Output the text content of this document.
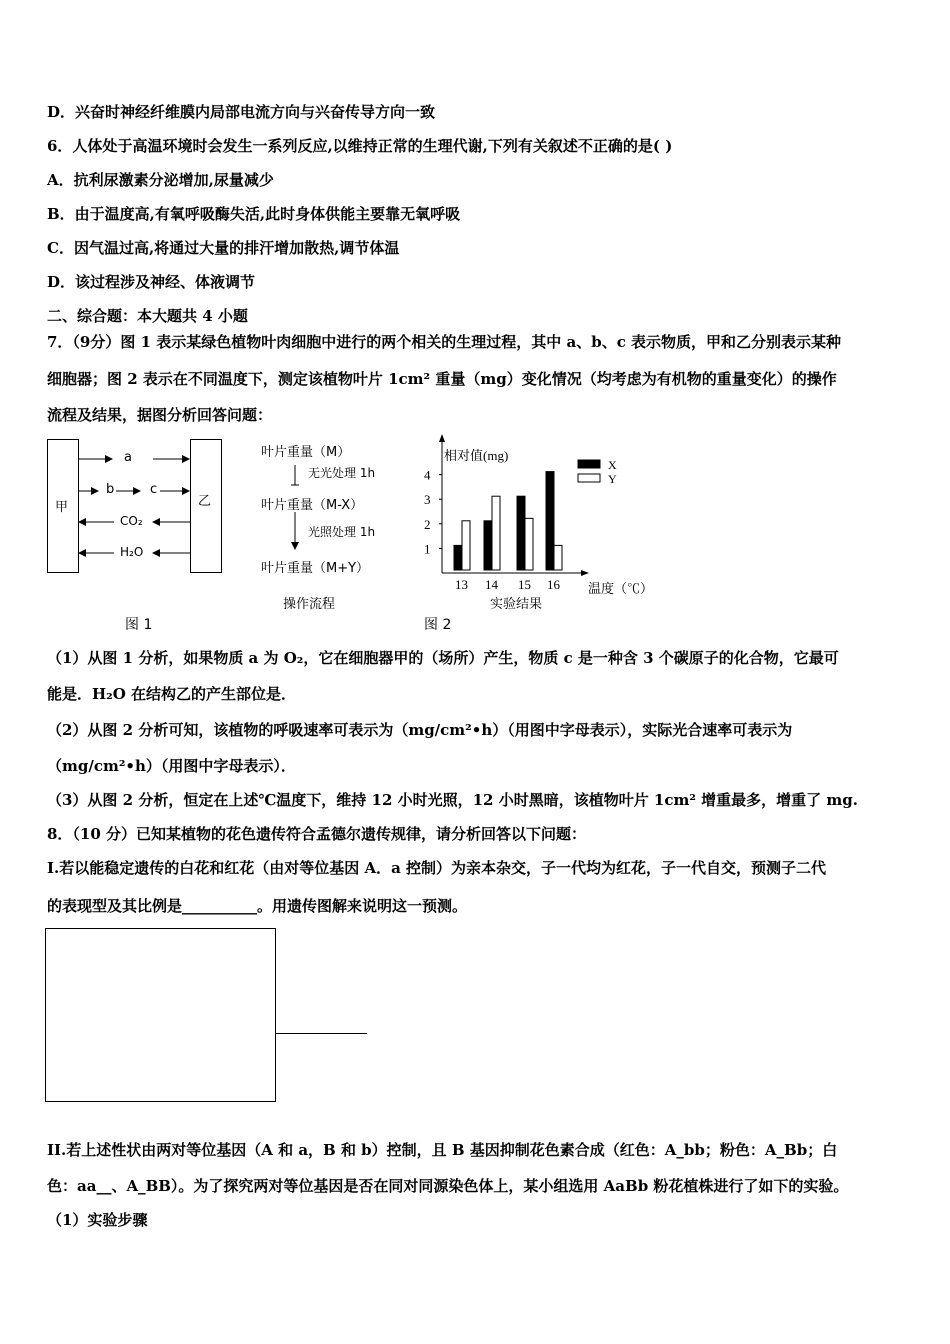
D．兴奋时神经纤维膜内局部电流方向与兴奋传导方向一致
6．人体处于高温环境时会发生一系列反应,以维持正常的生理代谢,下列有关叙述不正确的是( )
A．抗利尿激素分泌增加,尿量减少
B．由于温度高,有氧呼吸酶失活,此时身体供能主要靠无氧呼吸
C．因气温过高,将通过大量的排汗增加散热,调节体温
D．该过程涉及神经、体液调节
二、综合题：本大题共 4 小题
7．（9分）图 1 表示某绿色植物叶肉细胞中进行的两个相关的生理过程，其中 a、b、c 表示物质，甲和乙分别表示某种
细胞器；图 2 表示在不同温度下，测定该植物叶片 1cm² 重量（mg）变化情况（均考虑为有机物的重量变化）的操作
流程及结果，据图分析回答问题：
甲	乙
a
b	c
CO₂
H₂O
图 1
叶片重量（M）
无光处理 1h
叶片重量（M-X）
光照处理 1h
叶片重量（M+Y）
操作流程
相对值(mg)
温度（℃）
实验结果
1
2
3
4
13 14 15 16
X
Y
图 2
（1）从图 1 分析，如果物质 a 为 O₂，它在细胞器甲的（场所）产生，物质 c 是一种含 3 个碳原子的化合物，它最可
能是．H₂O 在结构乙的产生部位是．
（2）从图 2 分析可知，该植物的呼吸速率可表示为（mg/cm²•h）（用图中字母表示），实际光合速率可表示为
（mg/cm²•h）（用图中字母表示）．
（3）从图 2 分析，恒定在上述℃温度下，维持 12 小时光照，12 小时黑暗，该植物叶片 1cm² 增重最多，增重了 mg.
8．（10 分）已知某植物的花色遗传符合孟德尔遗传规律，请分析回答以下问题：
I.若以能稳定遗传的白花和红花（由对等位基因 A．a 控制）为亲本杂交，子一代均为红花，子一代自交，预测子二代
的表现型及其比例是__________。用遗传图解来说明这一预测。
II.若上述性状由两对等位基因（A 和 a，B 和 b）控制，且 B 基因抑制花色素合成（红色：A_bb；粉色：A_Bb；白
色：aa__、A_BB）。为了探究两对等位基因是否在同对同源染色体上，某小组选用 AaBb 粉花植株进行了如下的实验。
（1）实验步骤
